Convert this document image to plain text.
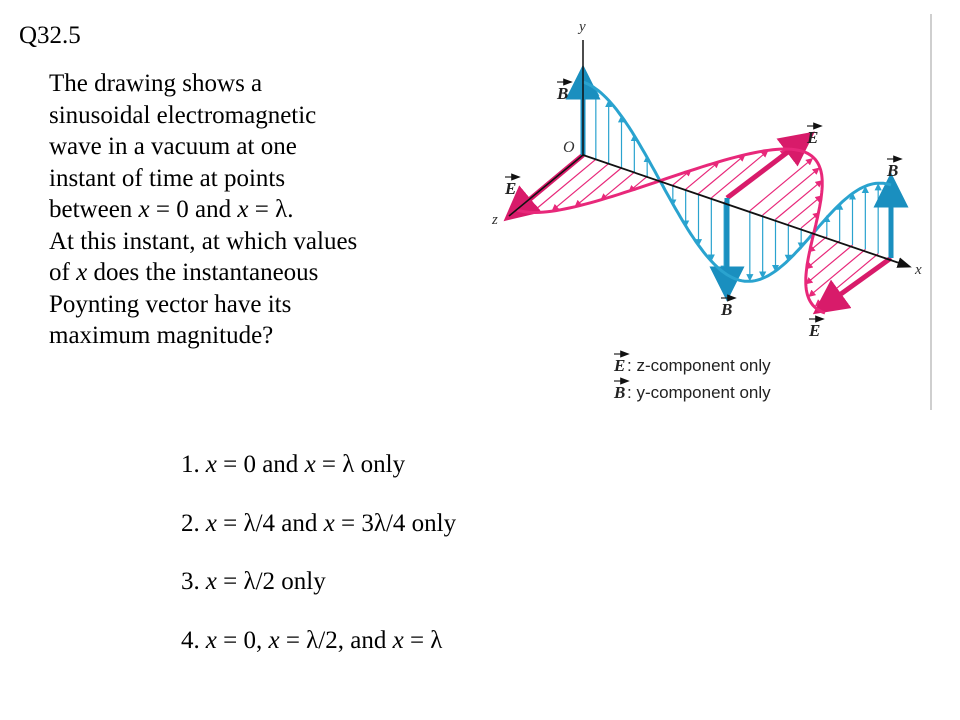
Q32.5
The drawing shows a
sinusoidal electromagnetic
wave in a vacuum at one
instant of time at points
between x = 0 and x = λ.
At this instant, at which values
of x does the instantaneous
Poynting vector have its
maximum magnitude?
y
x
z
O
B
E
E
B
B
E
E : z-component only
B : y-component only
1. x = 0 and x = λ only
2. x = λ/4 and x = 3λ/4 only
3. x = λ/2 only
4. x = 0, x = λ/2, and x = λ
